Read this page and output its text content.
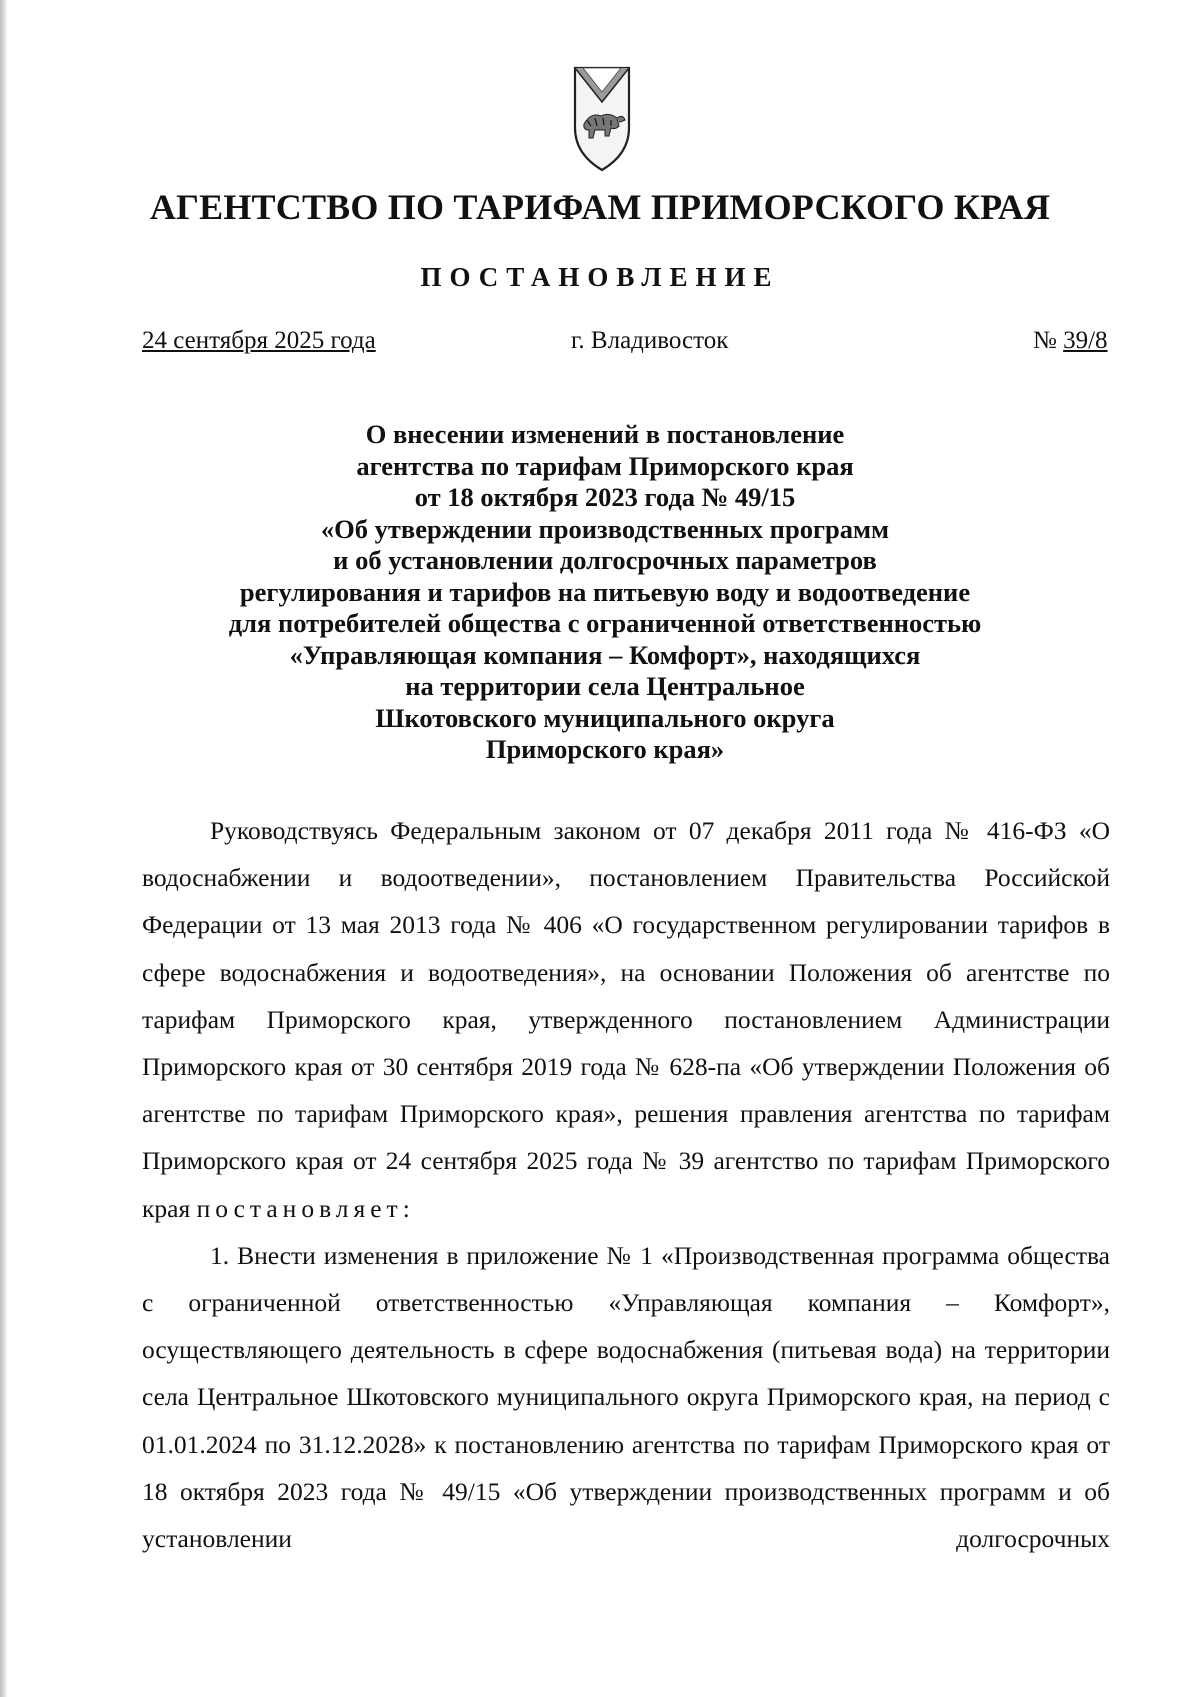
АГЕНТСТВО ПО ТАРИФАМ ПРИМОРСКОГО КРАЯ
ПОСТАНОВЛЕНИЕ
24 сентября 2025 года	г. Владивосток	№ 39/8
О внесении изменений в постановление
агентства по тарифам Приморского края
от 18 октября 2023 года № 49/15
«Об утверждении производственных программ
и об установлении долгосрочных параметров
регулирования и тарифов на питьевую воду и водоотведение
для потребителей общества с ограниченной ответственностью
«Управляющая компания – Комфорт», находящихся
на территории села Центральное
Шкотовского муниципального округа
Приморского края»

Руководствуясь Федеральным законом от 07 декабря 2011 года № 416-ФЗ «О водоснабжении и водоотведении», постановлением Правительства Российской Федерации от 13 мая 2013 года № 406 «О государственном регулировании тарифов в сфере водоснабжения и водоотведения», на основании Положения об агентстве по тарифам Приморского края, утвержденного постановлением Администрации Приморского края от 30 сентября 2019 года № 628-па «Об утверждении Положения об агентстве по тарифам Приморского края», решения правления агентства по тарифам Приморского края от 24 сентября 2025 года № 39 агентство по тарифам Приморского края постановляет:

1. Внести изменения в приложение № 1 «Производственная программа общества с ограниченной ответственностью «Управляющая компания – Комфорт», осуществляющего деятельность в сфере водоснабжения (питьевая вода) на территории села Центральное Шкотовского муниципального округа Приморского края, на период с 01.01.2024 по 31.12.2028» к постановлению агентства по тарифам Приморского края от 18 октября 2023 года № 49/15 «Об утверждении производственных программ и об установлении долгосрочных
